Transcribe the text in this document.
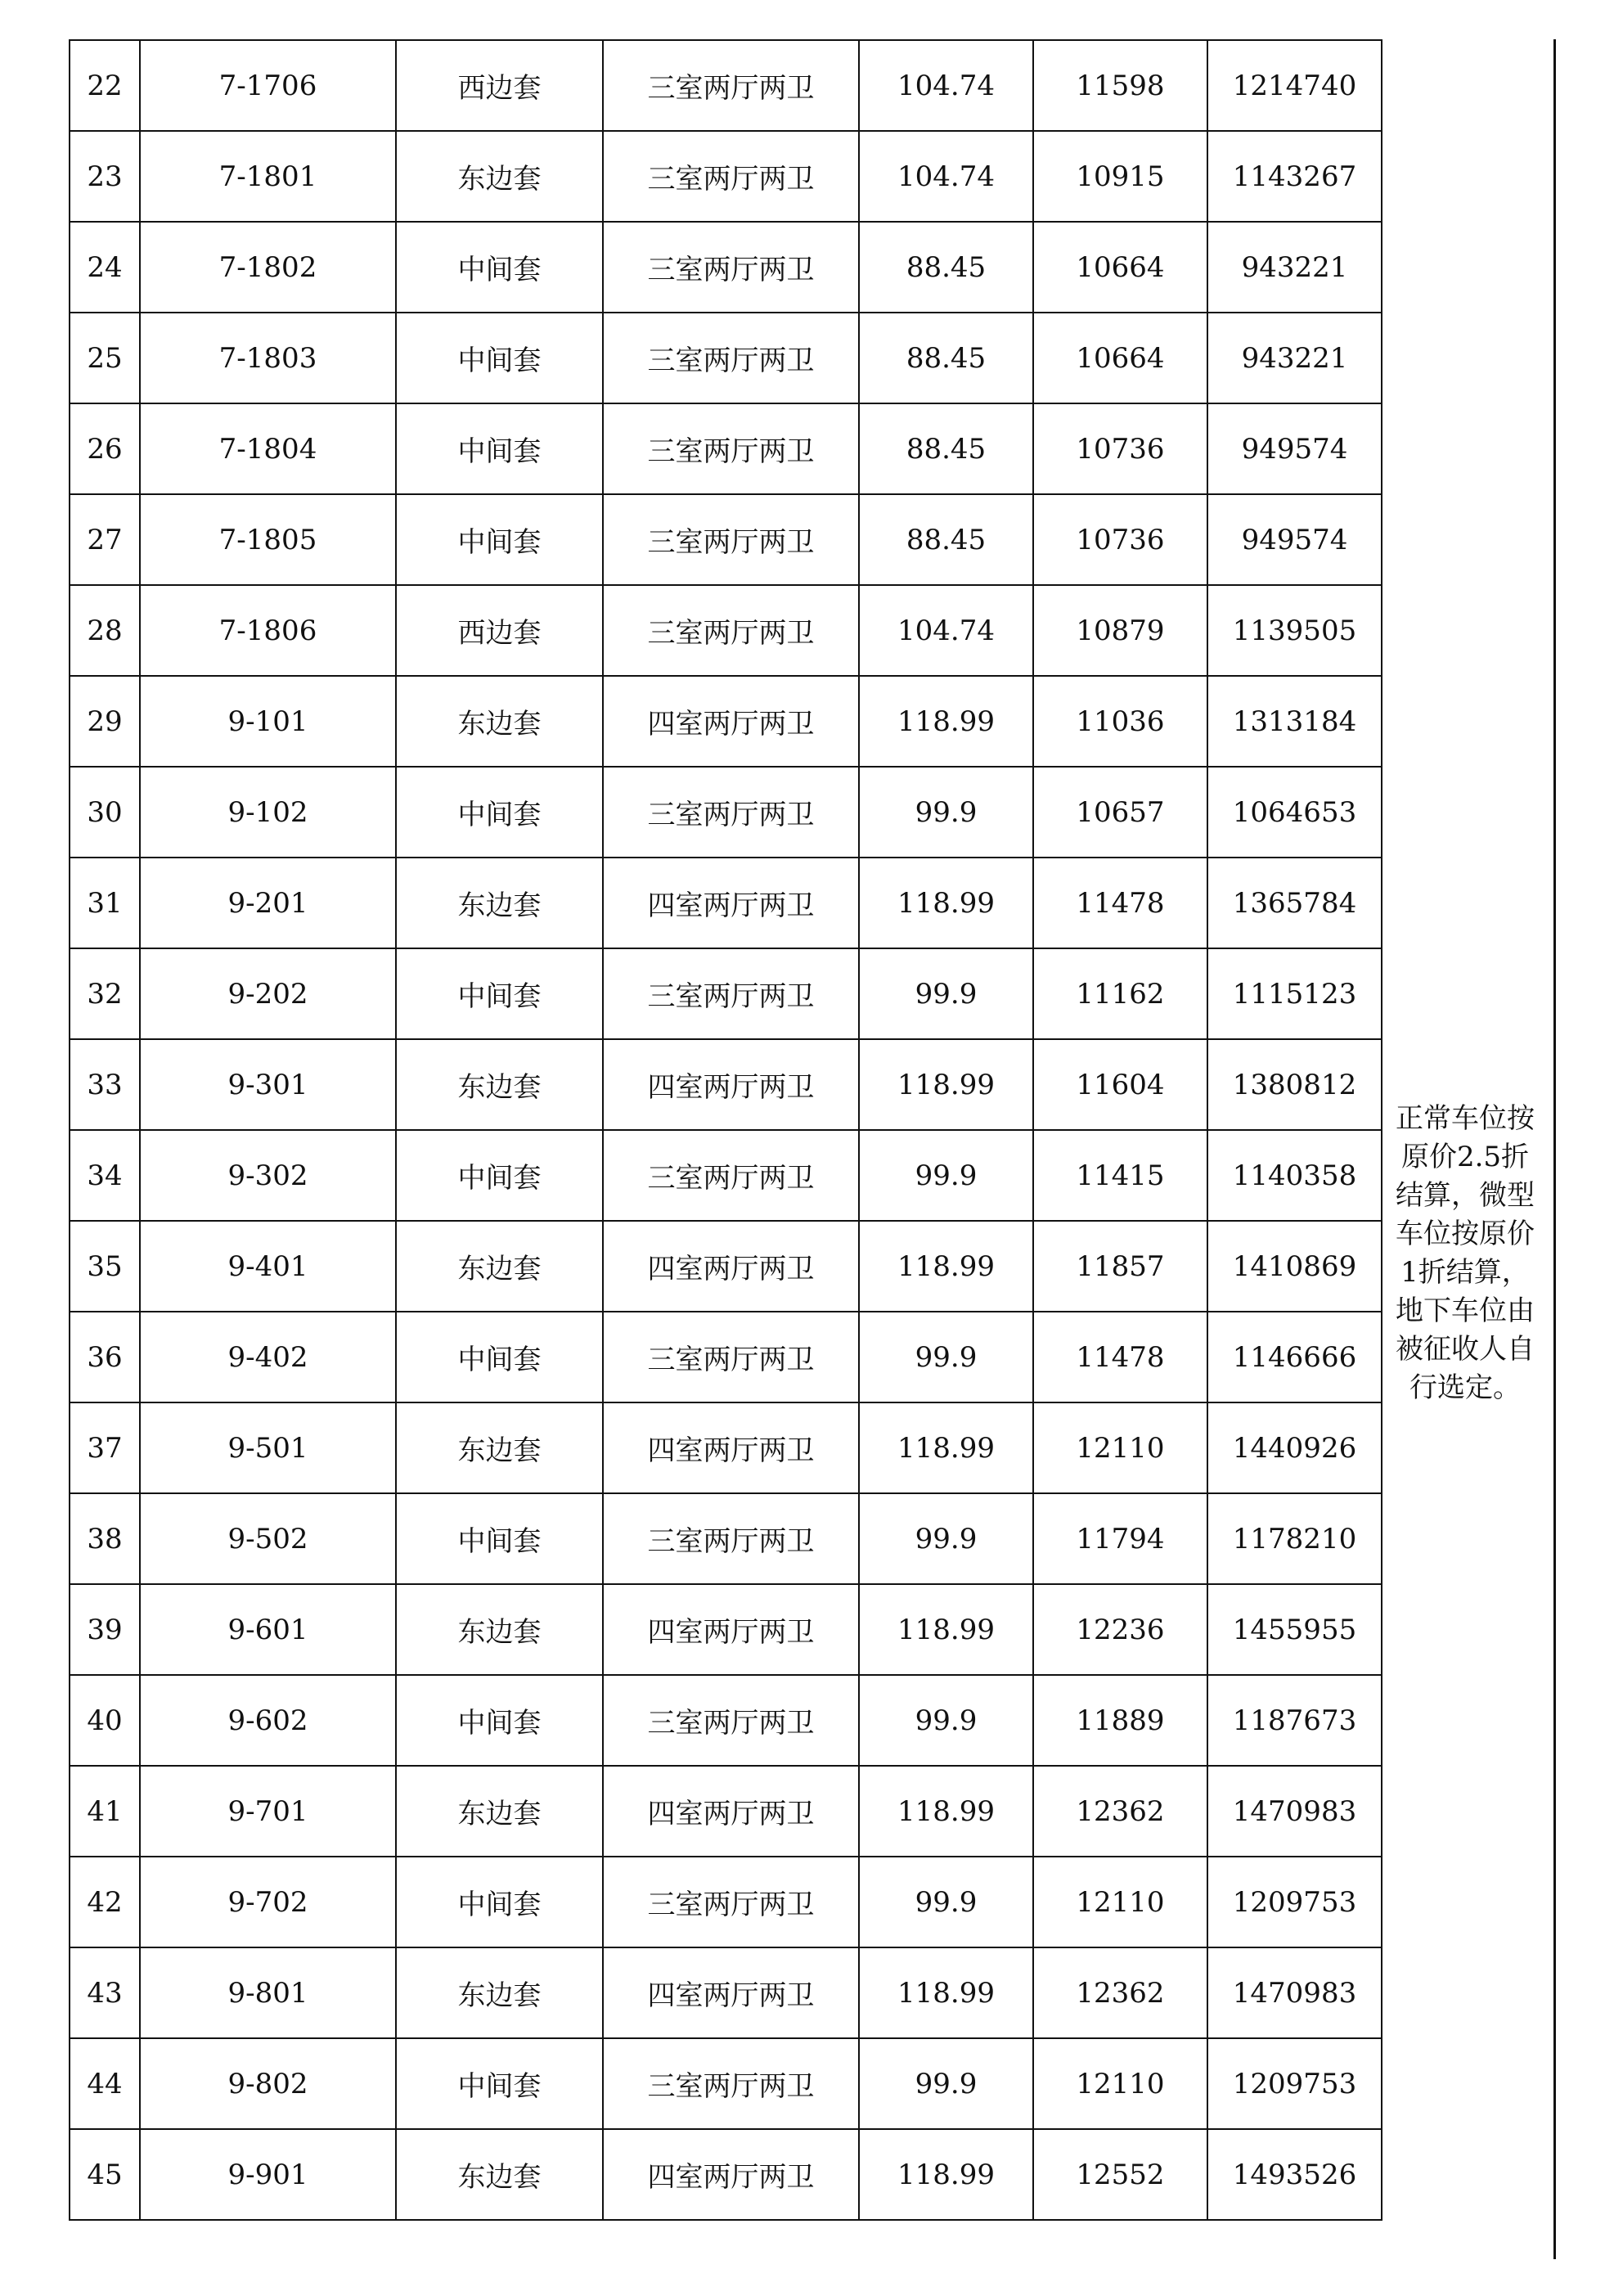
22	7-1706	西边套	三室两厅两卫	104.74	11598	1214740
23	7-1801	东边套	三室两厅两卫	104.74	10915	1143267
24	7-1802	中间套	三室两厅两卫	88.45	10664	943221
25	7-1803	中间套	三室两厅两卫	88.45	10664	943221
26	7-1804	中间套	三室两厅两卫	88.45	10736	949574
27	7-1805	中间套	三室两厅两卫	88.45	10736	949574
28	7-1806	西边套	三室两厅两卫	104.74	10879	1139505
29	9-101	东边套	四室两厅两卫	118.99	11036	1313184
30	9-102	中间套	三室两厅两卫	99.9	10657	1064653
31	9-201	东边套	四室两厅两卫	118.99	11478	1365784
32	9-202	中间套	三室两厅两卫	99.9	11162	1115123
33	9-301	东边套	四室两厅两卫	118.99	11604	1380812
34	9-302	中间套	三室两厅两卫	99.9	11415	1140358
35	9-401	东边套	四室两厅两卫	118.99	11857	1410869
36	9-402	中间套	三室两厅两卫	99.9	11478	1146666
37	9-501	东边套	四室两厅两卫	118.99	12110	1440926
38	9-502	中间套	三室两厅两卫	99.9	11794	1178210
39	9-601	东边套	四室两厅两卫	118.99	12236	1455955
40	9-602	中间套	三室两厅两卫	99.9	11889	1187673
41	9-701	东边套	四室两厅两卫	118.99	12362	1470983
42	9-702	中间套	三室两厅两卫	99.9	12110	1209753
43	9-801	东边套	四室两厅两卫	118.99	12362	1470983
44	9-802	中间套	三室两厅两卫	99.9	12110	1209753
45	9-901	东边套	四室两厅两卫	118.99	12552	1493526
正常车位按
原价2.5折
结算，微型
车位按原价
1折结算，
地下车位由
被征收人自
行选定。
